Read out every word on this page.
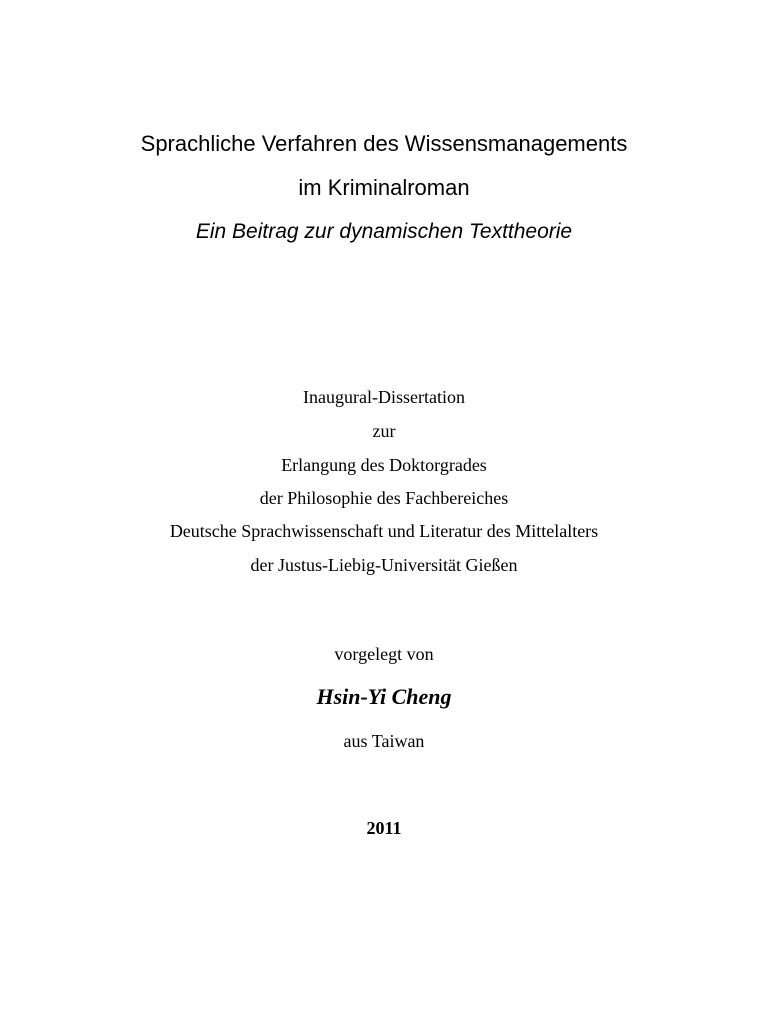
Sprachliche Verfahren des Wissensmanagements
im Kriminalroman
Ein Beitrag zur dynamischen Texttheorie

Inaugural-Dissertation

zur

Erlangung des Doktorgrades

der Philosophie des Fachbereiches

Deutsche Sprachwissenschaft und Literatur des Mittelalters

der Justus-Liebig-Universität Gießen

vorgelegt von

Hsin-Yi Cheng

aus Taiwan

2011
